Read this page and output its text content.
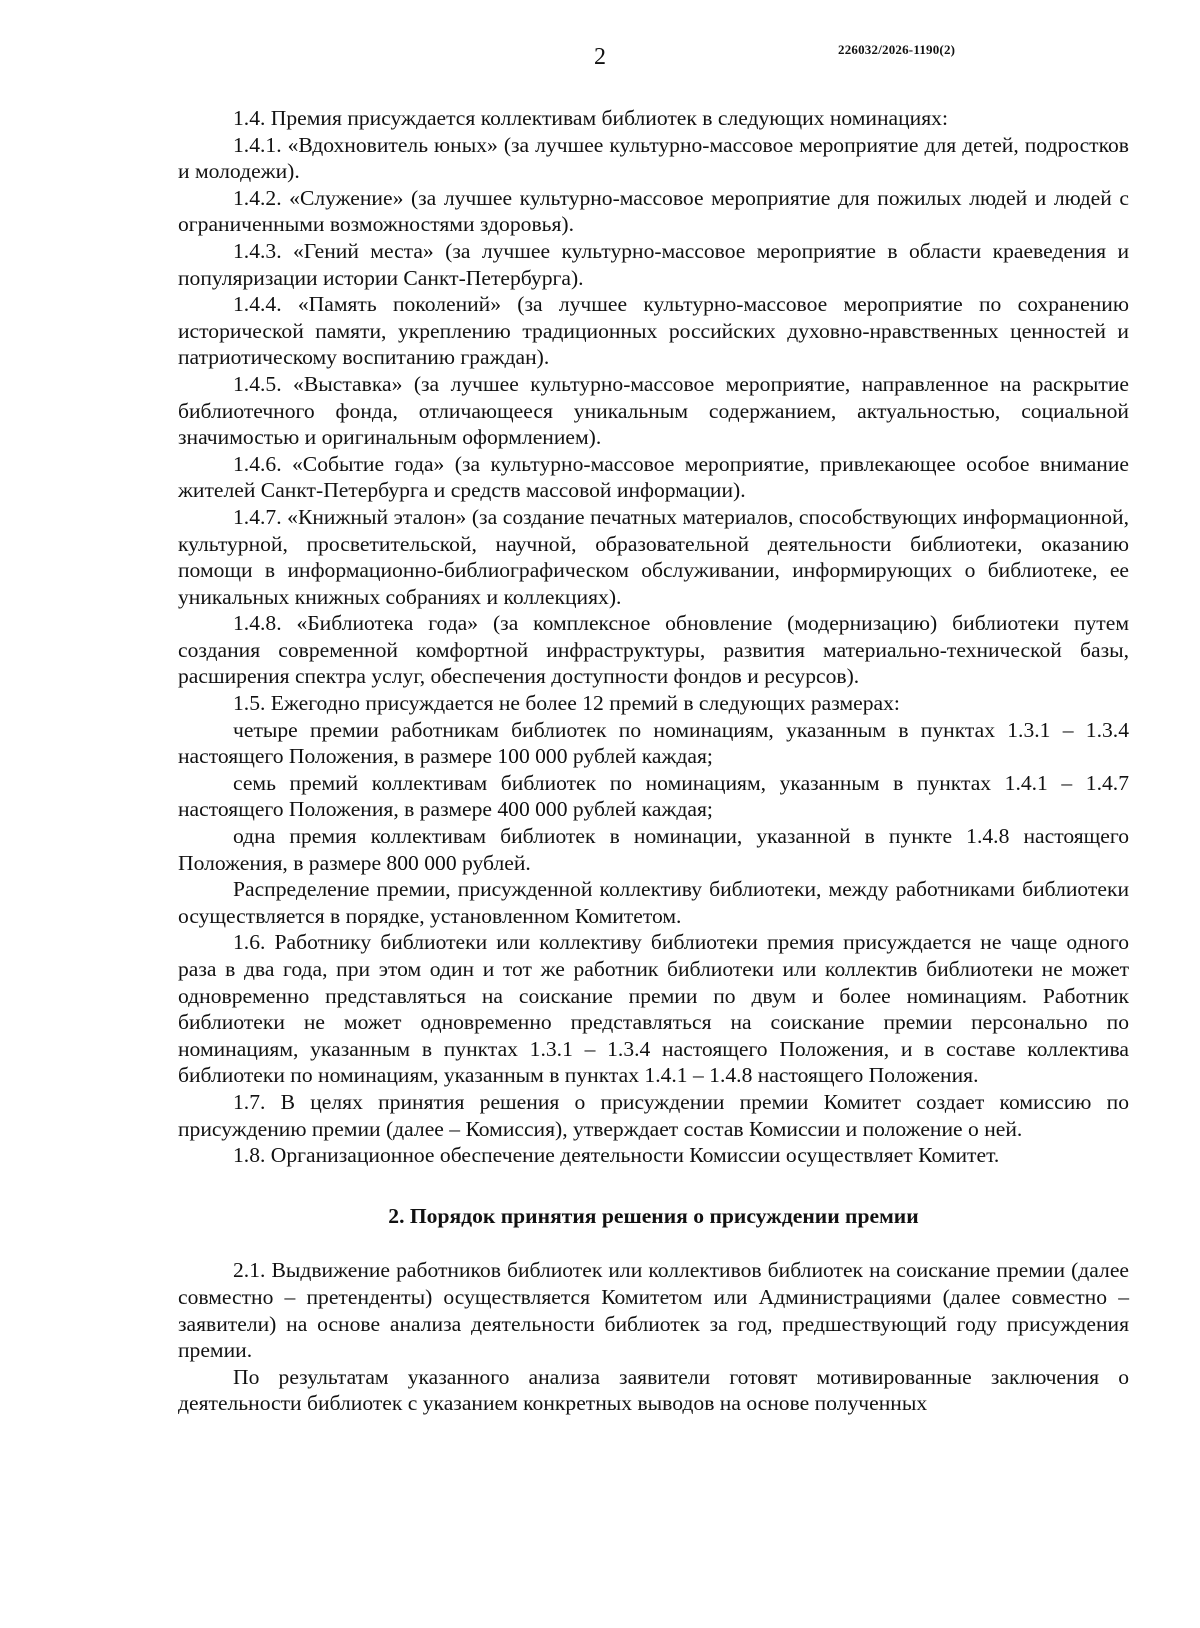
2	226032/2026-1190(2)

1.4. Премия присуждается коллективам библиотек в следующих номинациях:

1.4.1. «Вдохновитель юных» (за лучшее культурно-массовое мероприятие для детей, подростков и молодежи).

1.4.2. «Служение» (за лучшее культурно-массовое мероприятие для пожилых людей и людей с ограниченными возможностями здоровья).

1.4.3. «Гений места» (за лучшее культурно-массовое мероприятие в области краеведения и популяризации истории Санкт-Петербурга).

1.4.4. «Память поколений» (за лучшее культурно-массовое мероприятие по сохранению исторической памяти, укреплению традиционных российских духовно-нравственных ценностей и патриотическому воспитанию граждан).

1.4.5. «Выставка» (за лучшее культурно-массовое мероприятие, направленное на раскрытие библиотечного фонда, отличающееся уникальным содержанием, актуальностью, социальной значимостью и оригинальным оформлением).

1.4.6. «Событие года» (за культурно-массовое мероприятие, привлекающее особое внимание жителей Санкт-Петербурга и средств массовой информации).

1.4.7. «Книжный эталон» (за создание печатных материалов, способствующих информационной, культурной, просветительской, научной, образовательной деятельности библиотеки, оказанию помощи в информационно-библиографическом обслуживании, информирующих о библиотеке, ее уникальных книжных собраниях и коллекциях).

1.4.8. «Библиотека года» (за комплексное обновление (модернизацию) библиотеки путем создания современной комфортной инфраструктуры, развития материально-технической базы, расширения спектра услуг, обеспечения доступности фондов и ресурсов).

1.5. Ежегодно присуждается не более 12 премий в следующих размерах:

четыре премии работникам библиотек по номинациям, указанным в пунктах 1.3.1 – 1.3.4 настоящего Положения, в размере 100 000 рублей каждая;

семь премий коллективам библиотек по номинациям, указанным в пунктах 1.4.1 – 1.4.7 настоящего Положения, в размере 400 000 рублей каждая;

одна премия коллективам библиотек в номинации, указанной в пункте 1.4.8 настоящего Положения, в размере 800 000 рублей.

Распределение премии, присужденной коллективу библиотеки, между работниками библиотеки осуществляется в порядке, установленном Комитетом.

1.6. Работнику библиотеки или коллективу библиотеки премия присуждается не чаще одного раза в два года, при этом один и тот же работник библиотеки или коллектив библиотеки не может одновременно представляться на соискание премии по двум и более номинациям. Работник библиотеки не может одновременно представляться на соискание премии персонально по номинациям, указанным в пунктах 1.3.1 – 1.3.4 настоящего Положения, и в составе коллектива библиотеки по номинациям, указанным в пунктах 1.4.1 – 1.4.8 настоящего Положения.

1.7. В целях принятия решения о присуждении премии Комитет создает комиссию по присуждению премии (далее – Комиссия), утверждает состав Комиссии и положение о ней.

1.8. Организационное обеспечение деятельности Комиссии осуществляет Комитет.

2. Порядок принятия решения о присуждении премии

2.1. Выдвижение работников библиотек или коллективов библиотек на соискание премии (далее совместно – претенденты) осуществляется Комитетом или Администрациями (далее совместно – заявители) на основе анализа деятельности библиотек за год, предшествующий году присуждения премии.

По результатам указанного анализа заявители готовят мотивированные заключения о деятельности библиотек с указанием конкретных выводов на основе полученных
